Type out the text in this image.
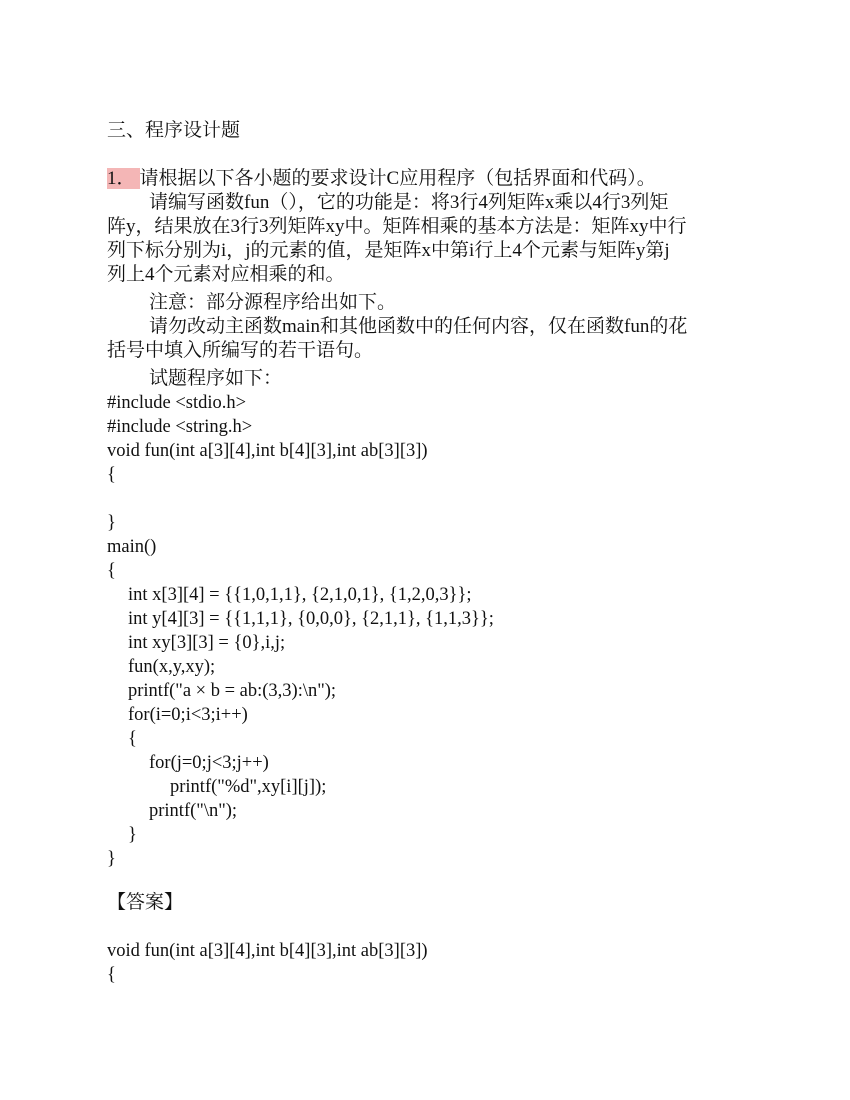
三、程序设计题
1． 请根据以下各小题的要求设计C应用程序（包括界面和代码）。
请编写函数fun（），它的功能是：将3行4列矩阵x乘以4行3列矩
阵y，结果放在3行3列矩阵xy中。矩阵相乘的基本方法是：矩阵xy中行
列下标分别为i，j的元素的值，是矩阵x中第i行上4个元素与矩阵y第j
列上4个元素对应相乘的和。
注意：部分源程序给出如下。
请勿改动主函数main和其他函数中的任何内容，仅在函数fun的花
括号中填入所编写的若干语句。
试题程序如下：
#include <stdio.h>
#include <string.h>
void fun(int a[3][4],int b[4][3],int ab[3][3])
{
}
main()
{
int x[3][4] = {{1,0,1,1}, {2,1,0,1}, {1,2,0,3}};
int y[4][3] = {{1,1,1}, {0,0,0}, {2,1,1}, {1,1,3}};
int xy[3][3] = {0},i,j;
fun(x,y,xy);
printf("a × b = ab:(3,3):\n");
for(i=0;i<3;i++)
{
for(j=0;j<3;j++)
printf("%d",xy[i][j]);
printf("\n");
}
}
【答案】
void fun(int a[3][4],int b[4][3],int ab[3][3])
{
